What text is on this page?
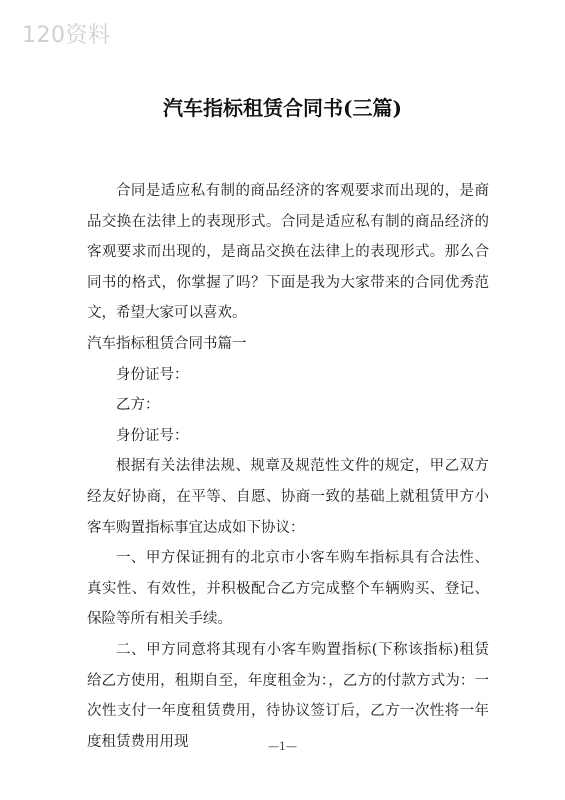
120资料
汽车指标租赁合同书(三篇)

合同是适应私有制的商品经济的客观要求而出现的，是商品交换在法律上的表现形式。合同是适应私有制的商品经济的客观要求而出现的，是商品交换在法律上的表现形式。那么合同书的格式，你掌握了吗？下面是我为大家带来的合同优秀范文，希望大家可以喜欢。

汽车指标租赁合同书篇一

身份证号：

乙方：

身份证号：

根据有关法律法规、规章及规范性文件的规定，甲乙双方经友好协商，在平等、自愿、协商一致的基础上就租赁甲方小客车购置指标事宜达成如下协议：

一、甲方保证拥有的北京市小客车购车指标具有合法性、真实性、有效性，并积极配合乙方完成整个车辆购买、登记、保险等所有相关手续。

二、甲方同意将其现有小客车购置指标(下称该指标)租赁给乙方使用，租期自至，年度租金为：，乙方的付款方式为：一次性支付一年度租赁费用，待协议签订后，乙方一次性将一年度租赁费用用现	—1—
